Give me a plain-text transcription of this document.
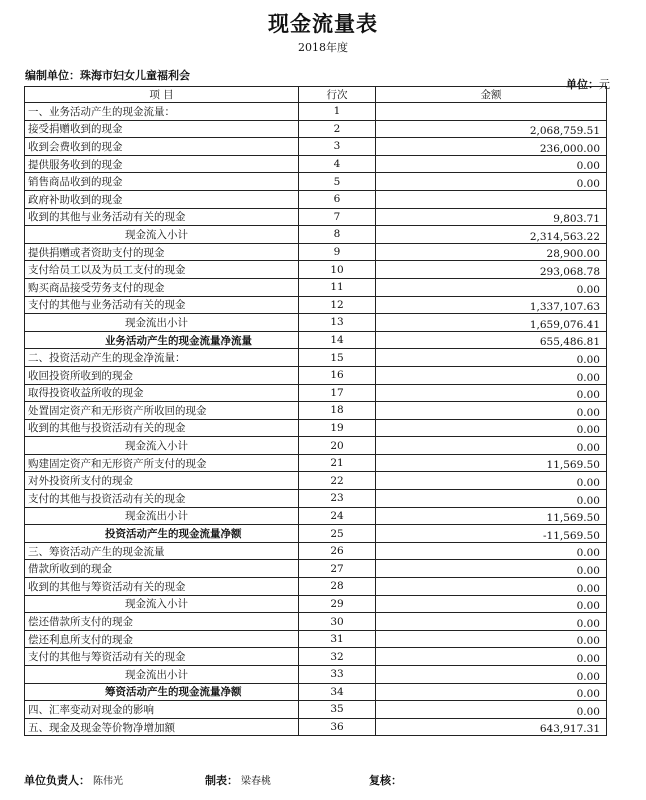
现金流量表
2018年度
编制单位：珠海市妇女儿童福利会
单位：元
项 目	行次	金额
一、业务活动产生的现金流量：	1	
接受捐赠收到的现金	2	2,068,759.51
收到会费收到的现金	3	236,000.00
提供服务收到的现金	4	0.00
销售商品收到的现金	5	0.00
政府补助收到的现金	6	
收到的其他与业务活动有关的现金	7	9,803.71
现金流入小计	8	2,314,563.22
提供捐赠或者资助支付的现金	9	28,900.00
支付给员工以及为员工支付的现金	10	293,068.78
购买商品接受劳务支付的现金	11	0.00
支付的其他与业务活动有关的现金	12	1,337,107.63
现金流出小计	13	1,659,076.41
业务活动产生的现金流量净流量	14	655,486.81
二、投资活动产生的现金净流量：	15	0.00
收回投资所收到的现金	16	0.00
取得投资收益所收的现金	17	0.00
处置固定资产和无形资产所收回的现金	18	0.00
收到的其他与投资活动有关的现金	19	0.00
现金流入小计	20	0.00
购建固定资产和无形资产所支付的现金	21	11,569.50
对外投资所支付的现金	22	0.00
支付的其他与投资活动有关的现金	23	0.00
现金流出小计	24	11,569.50
投资活动产生的现金流量净额	25	-11,569.50
三、筹资活动产生的现金流量	26	0.00
借款所收到的现金	27	0.00
收到的其他与筹资活动有关的现金	28	0.00
现金流入小计	29	0.00
偿还借款所支付的现金	30	0.00
偿还利息所支付的现金	31	0.00
支付的其他与筹资活动有关的现金	32	0.00
现金流出小计	33	0.00
筹资活动产生的现金流量净额	34	0.00
四、汇率变动对现金的影响	35	0.00
五、现金及现金等价物净增加额	36	643,917.31
单位负责人： 陈伟光	制表： 梁春桃	复核：
